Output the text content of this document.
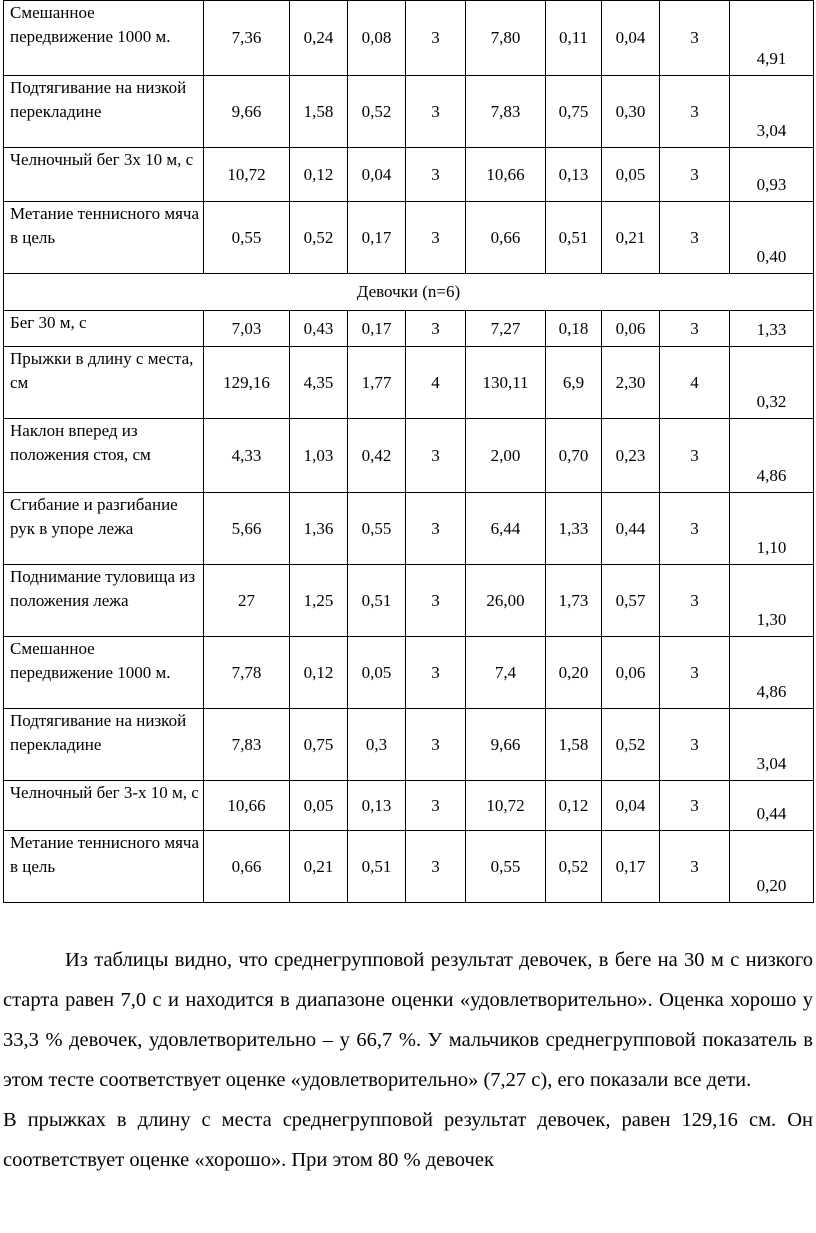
Смешанное передвижение 1000 м.	7,36	0,24	0,08	3	7,80	0,11	0,04	3	4,91
Подтягивание на низкой перекладине	9,66	1,58	0,52	3	7,83	0,75	0,30	3	3,04
Челночный бег 3х 10 м, с	10,72	0,12	0,04	3	10,66	0,13	0,05	3	0,93
Метание теннисного мяча в цель	0,55	0,52	0,17	3	0,66	0,51	0,21	3	0,40
Девочки (n=6)									
Бег 30 м, с	7,03	0,43	0,17	3	7,27	0,18	0,06	3	1,33
Прыжки в длину с места, см	129,16	4,35	1,77	4	130,11	6,9	2,30	4	0,32
Наклон вперед из положения стоя, см	4,33	1,03	0,42	3	2,00	0,70	0,23	3	4,86
Сгибание и разгибание рук в упоре лежа	5,66	1,36	0,55	3	6,44	1,33	0,44	3	1,10
Поднимание туловища из положения лежа	27	1,25	0,51	3	26,00	1,73	0,57	3	1,30
Смешанное передвижение 1000 м.	7,78	0,12	0,05	3	7,4	0,20	0,06	3	4,86
Подтягивание на низкой перекладине	7,83	0,75	0,3	3	9,66	1,58	0,52	3	3,04
Челночный бег 3-х 10 м, с	10,66	0,05	0,13	3	10,72	0,12	0,04	3	0,44
Метание теннисного мяча в цель	0,66	0,21	0,51	3	0,55	0,52	0,17	3	0,20

Из таблицы видно, что среднегрупповой результат девочек, в беге на 30 м с низкого старта равен 7,0 с и находится в диапазоне оценки «удовлетворительно». Оценка хорошо у 33,3 % девочек, удовлетворительно – у 66,7 %. У мальчиков среднегрупповой показатель в этом тесте соответствует оценке «удовлетворительно» (7,27 с), его показали все дети.

В прыжках в длину с места среднегрупповой результат девочек, равен 129,16 см. Он соответствует оценке «хорошо». При этом 80 % девочек
